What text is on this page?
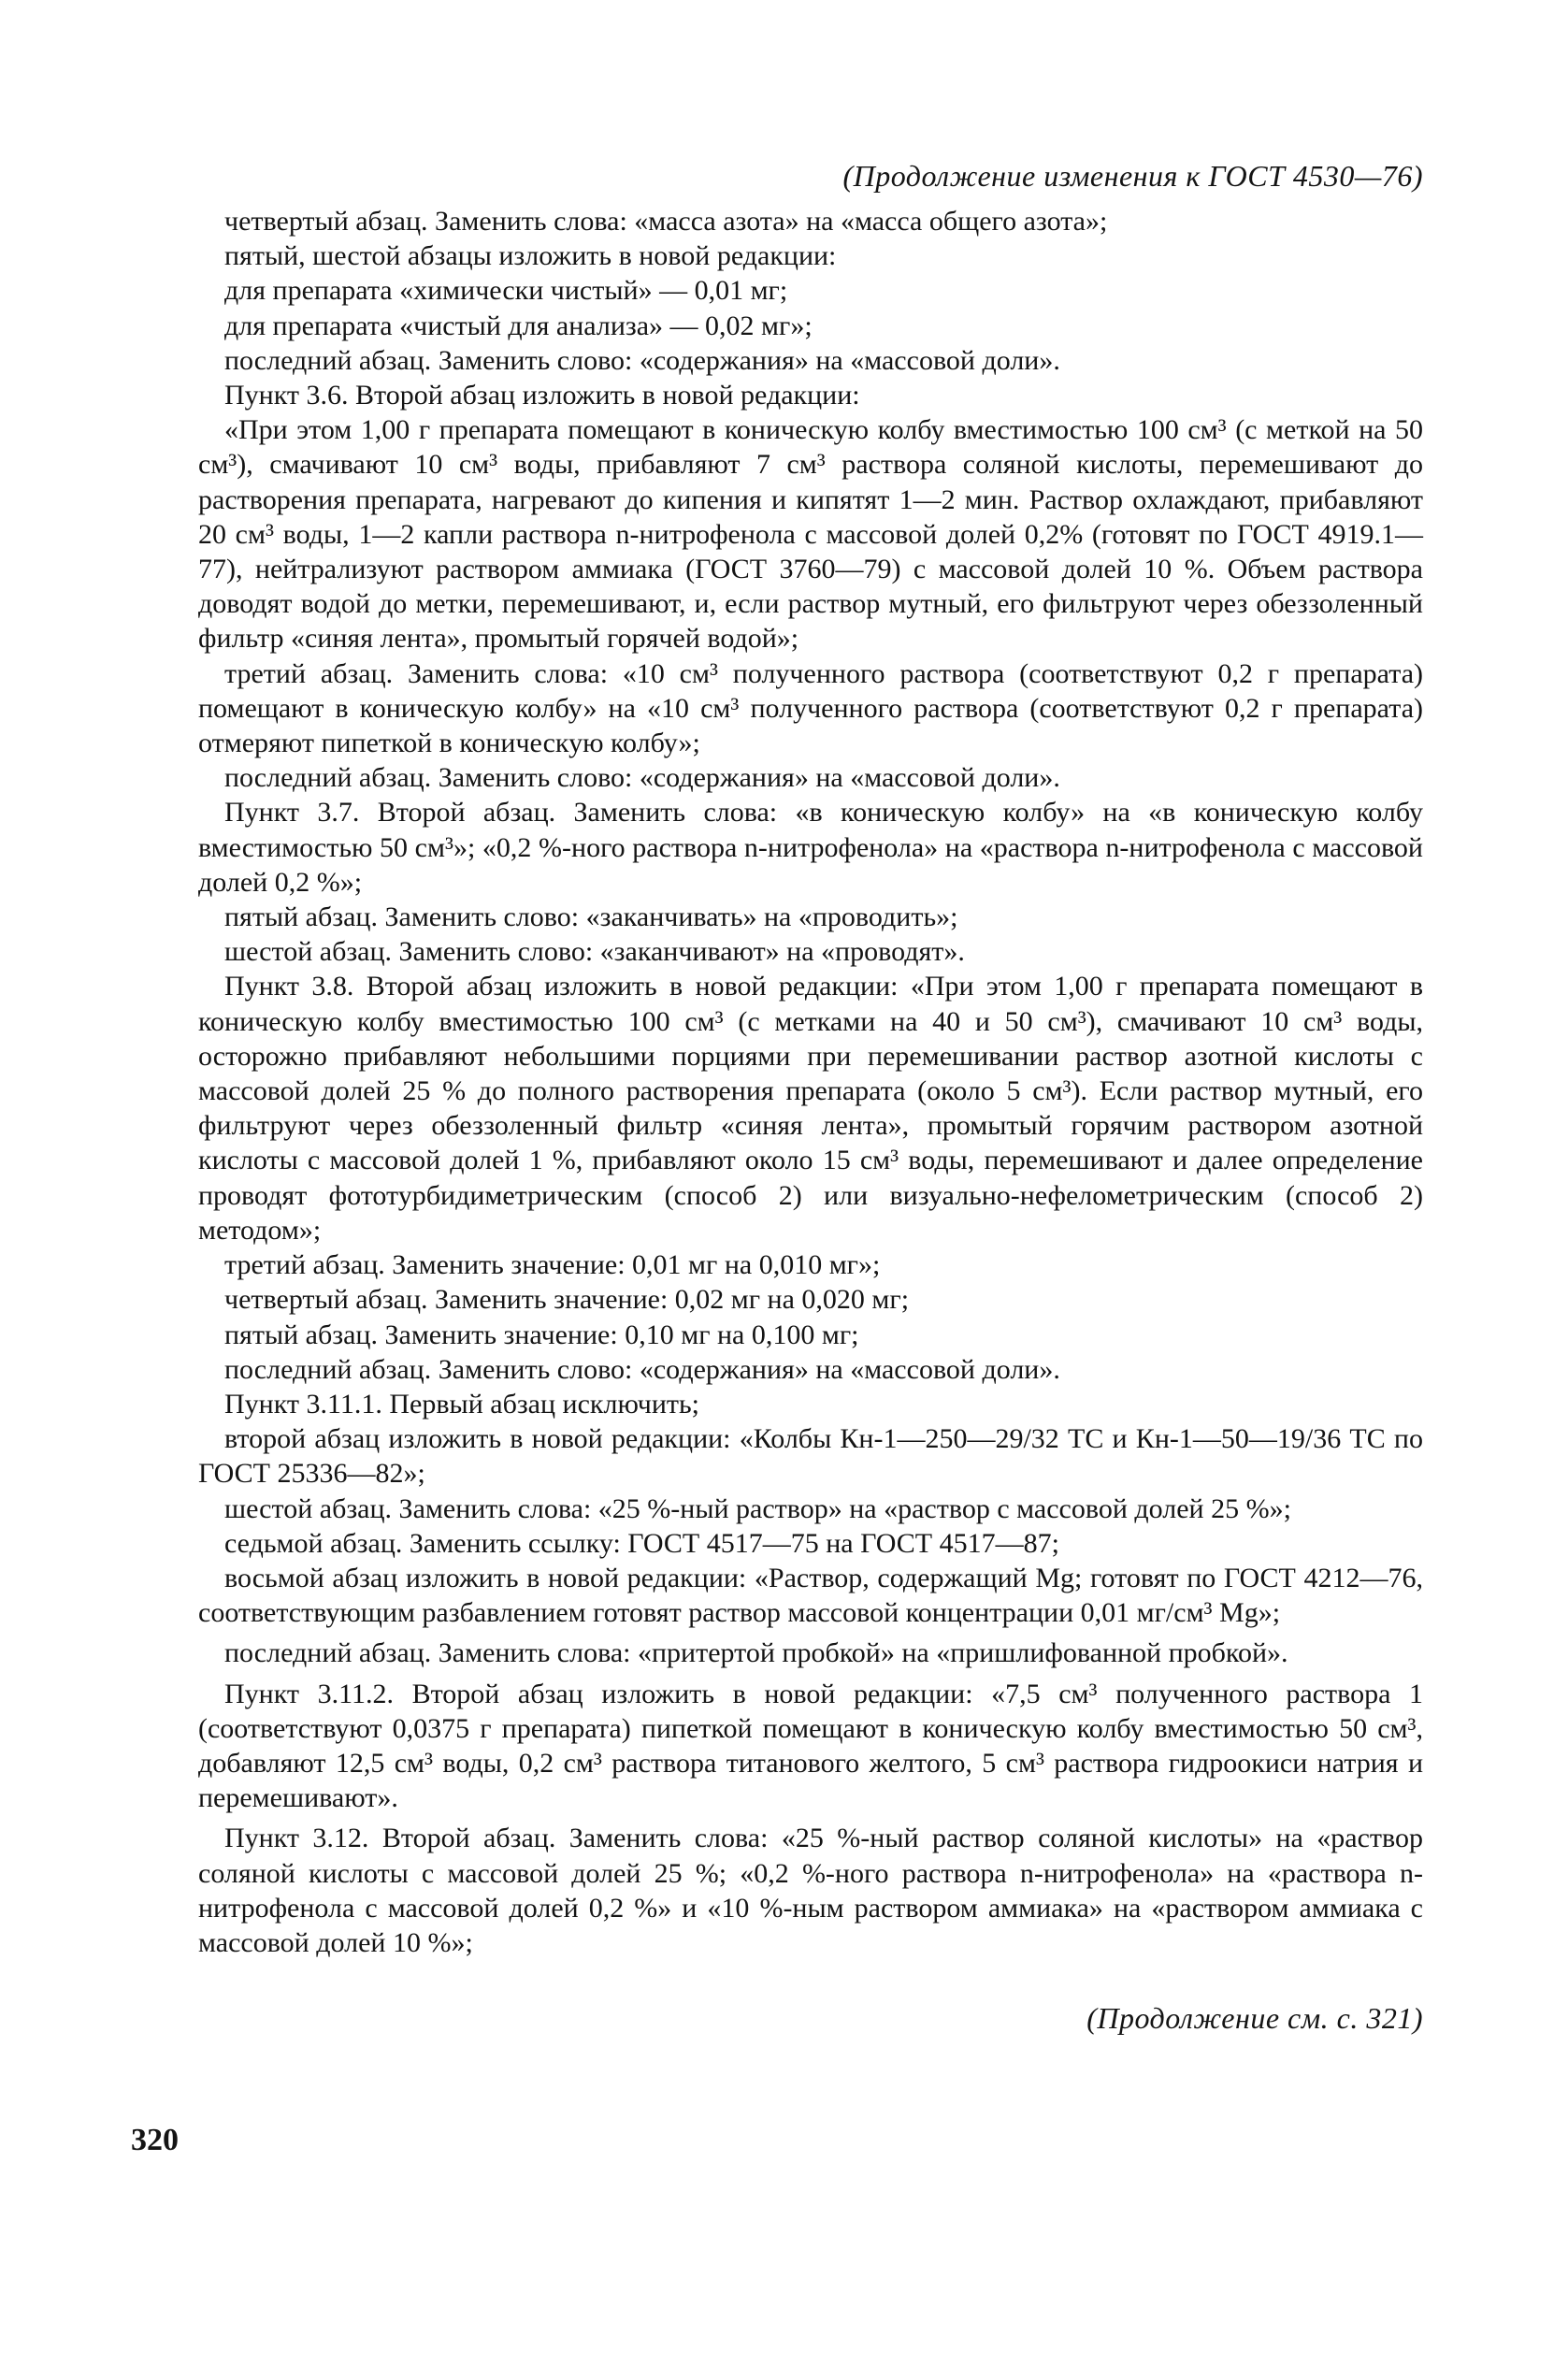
(Продолжение изменения к ГОСТ 4530—76)

четвертый абзац. Заменить слова: «масса азота» на «масса общего азота»;

пятый, шестой абзацы изложить в новой редакции:

для препарата «химически чистый» — 0,01 мг;

для препарата «чистый для анализа» — 0,02 мг»;

последний абзац. Заменить слово: «содержания» на «массовой доли».

Пункт 3.6. Второй абзац изложить в новой редакции:

«При этом 1,00 г препарата помещают в коническую колбу вместимостью 100 см³ (с меткой на 50 см³), смачивают 10 см³ воды, прибавляют 7 см³ раствора соляной кислоты, перемешивают до растворения препарата, нагревают до кипения и кипятят 1—2 мин. Раствор охлаждают, прибавляют 20 см³ воды, 1—2 капли раствора n-нитрофенола с массовой долей 0,2% (готовят по ГОСТ 4919.1—77), нейтрализуют раствором аммиака (ГОСТ 3760—79) с массовой долей 10 %. Объем раствора доводят водой до метки, перемешивают, и, если раствор мутный, его фильтруют через обеззоленный фильтр «синяя лента», промытый горячей водой»;

третий абзац. Заменить слова: «10 см³ полученного раствора (соответствуют 0,2 г препарата) помещают в коническую колбу» на «10 см³ полученного раствора (соответствуют 0,2 г препарата) отмеряют пипеткой в коническую колбу»;

последний абзац. Заменить слово: «содержания» на «массовой доли».

Пункт 3.7. Второй абзац. Заменить слова: «в коническую колбу» на «в коническую колбу вместимостью 50 см³»; «0,2 %-ного раствора n-нитрофенола» на «раствора n-нитрофенола с массовой долей 0,2 %»;

пятый абзац. Заменить слово: «заканчивать» на «проводить»;

шестой абзац. Заменить слово: «заканчивают» на «проводят».

Пункт 3.8. Второй абзац изложить в новой редакции: «При этом 1,00 г препарата помещают в коническую колбу вместимостью 100 см³ (с метками на 40 и 50 см³), смачивают 10 см³ воды, осторожно прибавляют небольшими порциями при перемешивании раствор азотной кислоты с массовой долей 25 % до полного растворения препарата (около 5 см³). Если раствор мутный, его фильтруют через обеззоленный фильтр «синяя лента», промытый горячим раствором азотной кислоты с массовой долей 1 %, прибавляют около 15 см³ воды, перемешивают и далее определение проводят фототурбидиметрическим (способ 2) или визуально-нефелометрическим (способ 2) методом»;

третий абзац. Заменить значение: 0,01 мг на 0,010 мг»;

четвертый абзац. Заменить значение: 0,02 мг на 0,020 мг;

пятый абзац. Заменить значение: 0,10 мг на 0,100 мг;

последний абзац. Заменить слово: «содержания» на «массовой доли».

Пункт 3.11.1. Первый абзац исключить;

второй абзац изложить в новой редакции: «Колбы Кн-1—250—29/32 ТС и Кн-1—50—19/36 ТС по ГОСТ 25336—82»;

шестой абзац. Заменить слова: «25 %-ный раствор» на «раствор с массовой долей 25 %»;

седьмой абзац. Заменить ссылку: ГОСТ 4517—75 на ГОСТ 4517—87;

восьмой абзац изложить в новой редакции: «Раствор, содержащий Mg; готовят по ГОСТ 4212—76, соответствующим разбавлением готовят раствор массовой концентрации 0,01 мг/см³ Mg»;

последний абзац. Заменить слова: «притертой пробкой» на «пришлифованной пробкой».

Пункт 3.11.2. Второй абзац изложить в новой редакции: «7,5 см³ полученного раствора 1 (соответствуют 0,0375 г препарата) пипеткой помещают в коническую колбу вместимостью 50 см³, добавляют 12,5 см³ воды, 0,2 см³ раствора титанового желтого, 5 см³ раствора гидроокиси натрия и перемешивают».

Пункт 3.12. Второй абзац. Заменить слова: «25 %-ный раствор соляной кислоты» на «раствор соляной кислоты с массовой долей 25 %; «0,2 %-ного раствора n-нитрофенола» на «раствора n-нитрофенола с массовой долей 0,2 %» и «10 %-ным раствором аммиака» на «раствором аммиака с массовой долей 10 %»;

(Продолжение см. с. 321)
320
